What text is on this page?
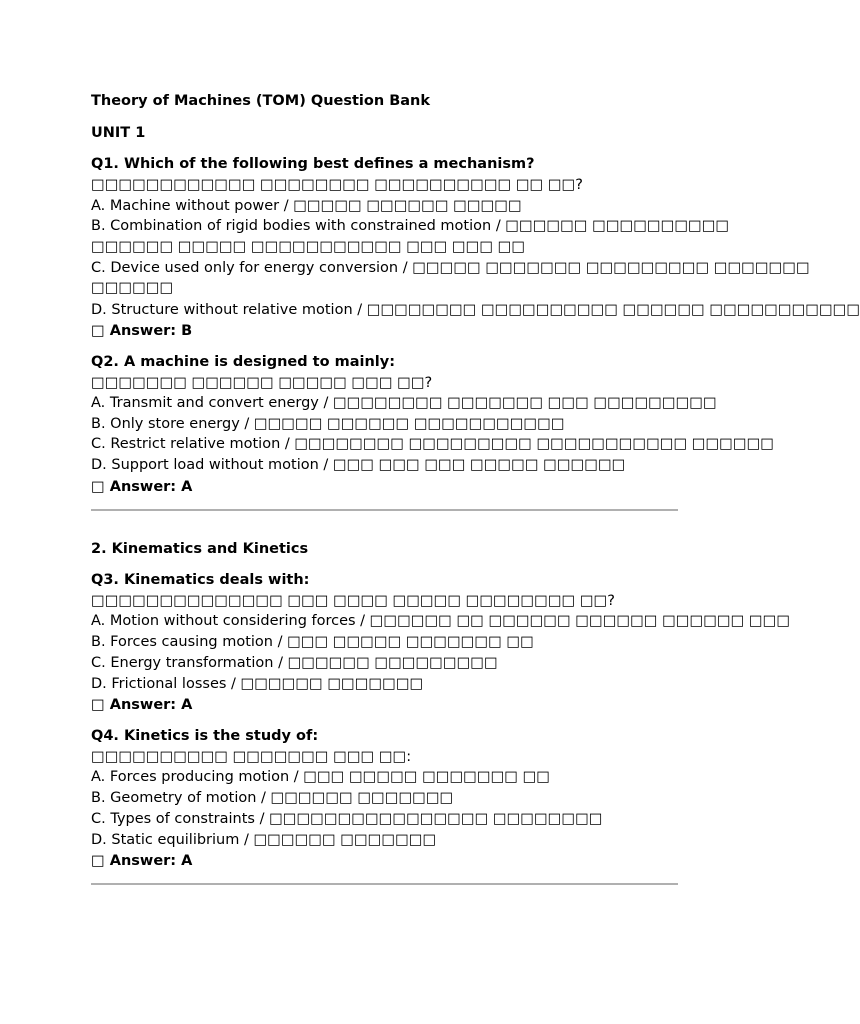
Theory of Machines (TOM) Question Bank
UNIT 1
Q1. Which of the following best defines a mechanism?
□□□□□□□□□□□□ □□□□□□□□ □□□□□□□□□□ □□ □□?
A. Machine without power / □□□□□ □□□□□□ □□□□□
B. Combination of rigid bodies with constrained motion / □□□□□□ □□□□□□□□□□
□□□□□□ □□□□□ □□□□□□□□□□□ □□□ □□□ □□
C. Device used only for energy conversion / □□□□□ □□□□□□□ □□□□□□□□□ □□□□□□□
□□□□□□
D. Structure without relative motion / □□□□□□□□ □□□□□□□□□□ □□□□□□ □□□□□□□□□□□
□ Answer: B
Q2. A machine is designed to mainly:
□□□□□□□ □□□□□□ □□□□□ □□□ □□?
A. Transmit and convert energy / □□□□□□□□ □□□□□□□ □□□ □□□□□□□□□
B. Only store energy / □□□□□ □□□□□□ □□□□□□□□□□□
C. Restrict relative motion / □□□□□□□□ □□□□□□□□□ □□□□□□□□□□□ □□□□□□
D. Support load without motion / □□□ □□□ □□□ □□□□□ □□□□□□
□ Answer: A
2. Kinematics and Kinetics
Q3. Kinematics deals with:
□□□□□□□□□□□□□□ □□□ □□□□ □□□□□ □□□□□□□□ □□?
A. Motion without considering forces / □□□□□□ □□ □□□□□□ □□□□□□ □□□□□□ □□□
B. Forces causing motion / □□□ □□□□□ □□□□□□□ □□
C. Energy transformation / □□□□□□ □□□□□□□□□
D. Frictional losses / □□□□□□ □□□□□□□
□ Answer: A
Q4. Kinetics is the study of:
□□□□□□□□□□ □□□□□□□ □□□ □□:
A. Forces producing motion / □□□ □□□□□ □□□□□□□ □□
B. Geometry of motion / □□□□□□ □□□□□□□
C. Types of constraints / □□□□□□□□□□□□□□□□ □□□□□□□□
D. Static equilibrium / □□□□□□ □□□□□□□
□ Answer: A
